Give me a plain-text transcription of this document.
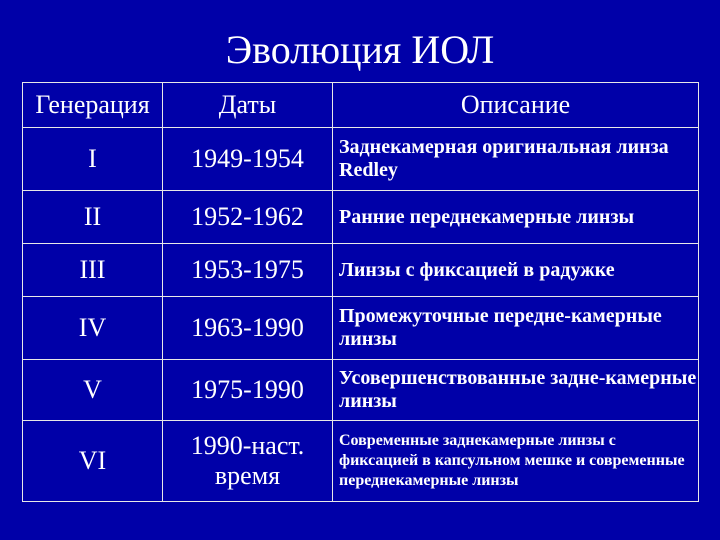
Эволюция ИОЛ
Генерация	Даты	Описание
I	1949-1954	Заднекамерная оригинальная линза Redley
II	1952-1962	Ранние переднекамерные линзы
III	1953-1975	Линзы с фиксацией в радужке
IV	1963-1990	Промежуточные передне-камерные линзы
V	1975-1990	Усовершенствованные задне-камерные линзы
VI	1990-наст. время	Современные заднекамерные линзы с фиксацией в капсульном мешке и современные переднекамерные линзы
